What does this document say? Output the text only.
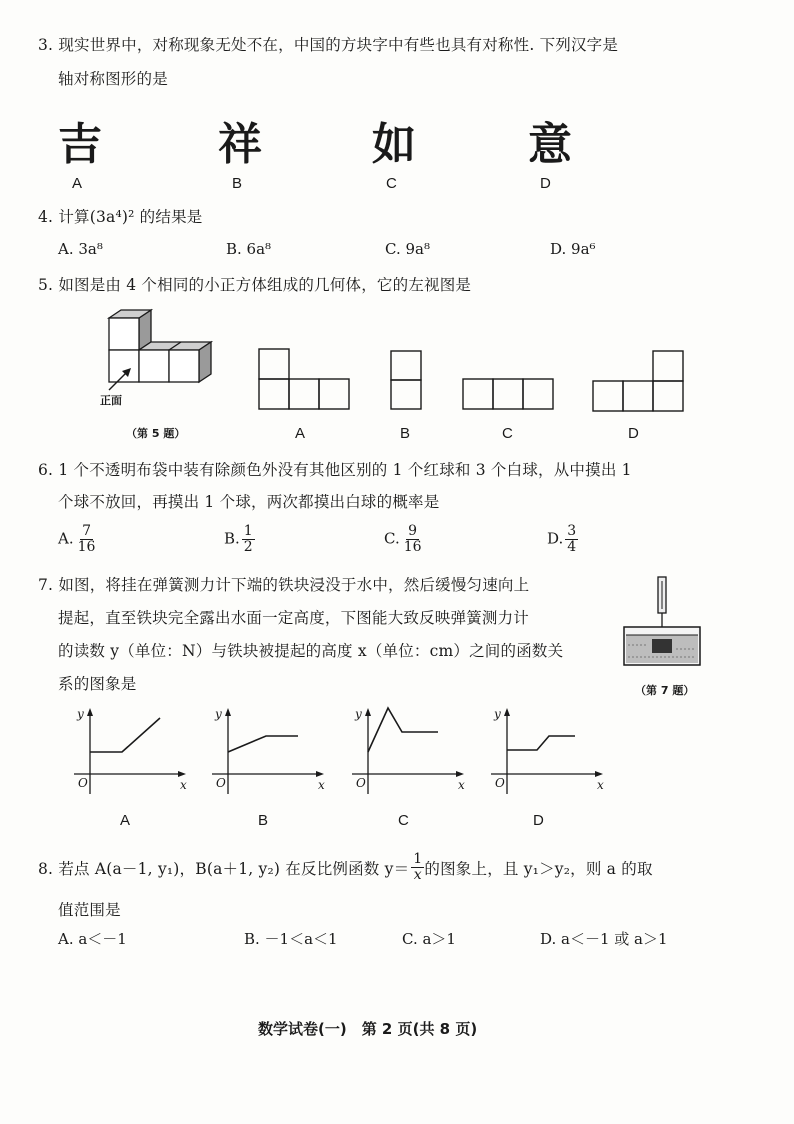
3. 现实世界中，对称现象无处不在，中国的方块字中有些也具有对称性. 下列汉字是
轴对称图形的是
吉	祥	如	意
A	B	C	D
4. 计算(3a⁴)² 的结果是
A. 3a⁸	B. 6a⁸	C. 9a⁸	D. 9a⁶
5. 如图是由 4 个相同的小正方体组成的几何体，它的左视图是
正面
（第 5 题）	A	B	C	D
6. 1 个不透明布袋中装有除颜色外没有其他区别的 1 个红球和 3 个白球，从中摸出 1
个球不放回，再摸出 1 个球，两次都摸出白球的概率是
A. $\frac{7}{16}$	B. $\frac{1}{2}$	C. $\frac{9}{16}$	D. $\frac{3}{4}$
7. 如图，将挂在弹簧测力计下端的铁块浸没于水中，然后缓慢匀速向上
提起，直至铁块完全露出水面一定高度，下图能大致反映弹簧测力计
的读数 y（单位：N）与铁块被提起的高度 x（单位：cm）之间的函数关
系的图象是	（第 7 题）
y
x
O
y
x
O
y
x
O
y
x
O
A	B	C	D
8. 若点 A(a－1, y₁)，B(a＋1, y₂) 在反比例函数 $y= \frac{1}{x}$ 的图象上，且 y₁＞y₂，则 a 的取
值范围是
A. a＜－1	B. －1＜a＜1	C. a＞1	D. a＜－1 或 a＞1
数学试卷(一)　第 2 页(共 8 页)
